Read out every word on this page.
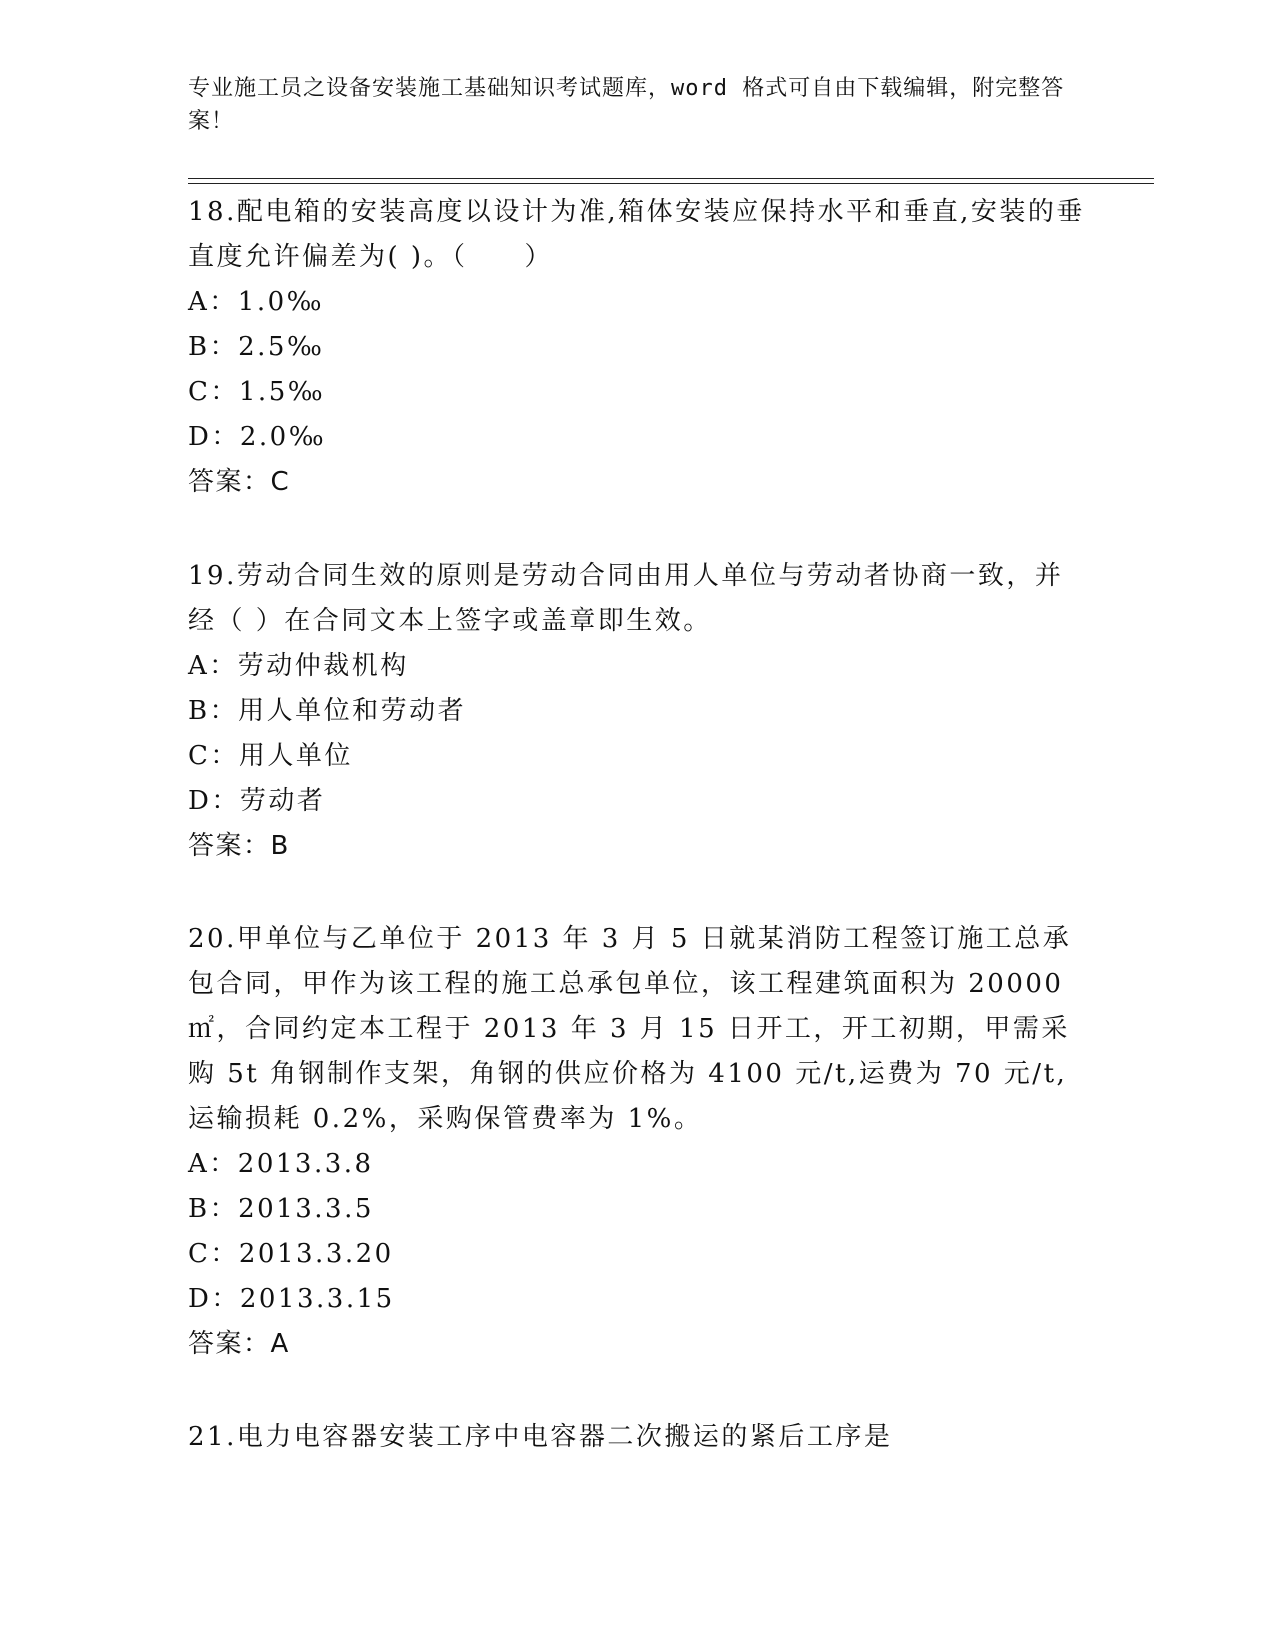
专业施工员之设备安装施工基础知识考试题库，word 格式可自由下载编辑，附完整答案！

18.配电箱的安装高度以设计为准,箱体安装应保持水平和垂直,安装的垂直度允许偏差为( )。（　　）

A：1.0‰

B：2.5‰

C：1.5‰

D：2.0‰

答案：C

19.劳动合同生效的原则是劳动合同由用人单位与劳动者协商一致，并经（ ）在合同文本上签字或盖章即生效。

A：劳动仲裁机构

B：用人单位和劳动者

C：用人单位

D：劳动者

答案：B

20.甲单位与乙单位于 2013 年 3 月 5 日就某消防工程签订施工总承包合同，甲作为该工程的施工总承包单位，该工程建筑面积为 20000㎡，合同约定本工程于 2013 年 3 月 15 日开工，开工初期，甲需采购 5t 角钢制作支架，角钢的供应价格为 4100 元/t,运费为 70 元/t,运输损耗 0.2%，采购保管费率为 1%。

A：2013.3.8

B：2013.3.5

C：2013.3.20

D：2013.3.15

答案：A

21.电力电容器安装工序中电容器二次搬运的紧后工序是
